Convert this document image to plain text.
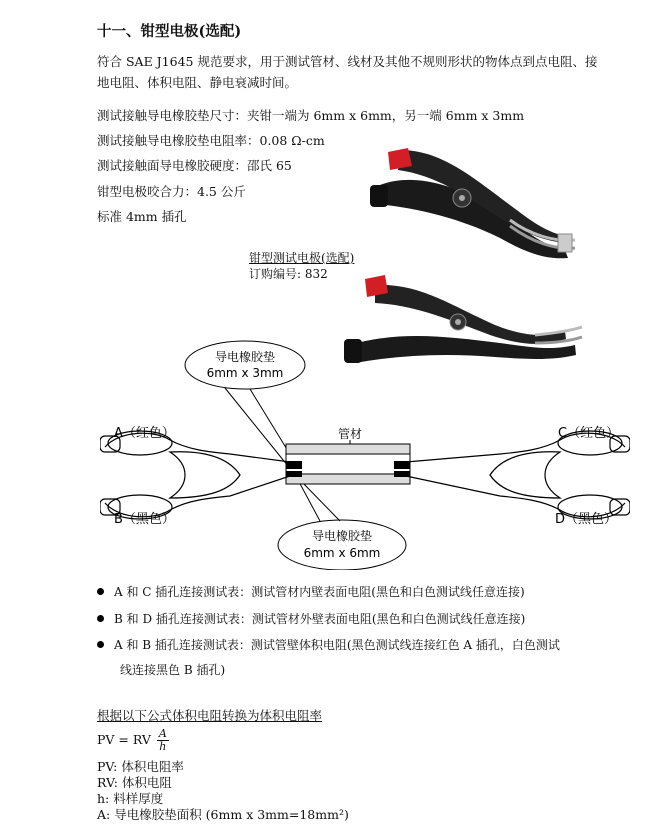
十一、钳型电极(选配)
符合 SAE J1645 规范要求，用于测试管材、线材及其他不规则形状的物体点到点电阻、接地电阻、体积电阻、静电衰减时间。
测试接触导电橡胶垫尺寸：夹钳一端为 6mm x 6mm，另一端 6mm x 3mm
测试接触导电橡胶垫电阻率：0.08 Ω-cm
测试接触面导电橡胶硬度：邵氏 65
钳型电极咬合力：4.5 公斤
标准 4mm 插孔
钳型测试电极(选配)
订购编号: 832
导电橡胶垫
6mm x 3mm
导电橡胶垫
6mm x 6mm
管材
A（红色）
B（黑色）
C（红色）
D（黑色）
A 和 C 插孔连接测试表：测试管材内壁表面电阻(黑色和白色测试线任意连接)
B 和 D 插孔连接测试表：测试管材外壁表面电阻(黑色和白色测试线任意连接)
A 和 B 插孔连接测试表：测试管壁体积电阻(黑色测试线连接红色 A 插孔，白色测试
线连接黑色 B 插孔)
根据以下公式体积电阻转换为体积电阻率
PV = RV $\frac{A}{h}$
PV: 体积电阻率
RV: 体积电阻
h: 料样厚度
A: 导电橡胶垫面积 (6mm x 3mm=18mm²)
